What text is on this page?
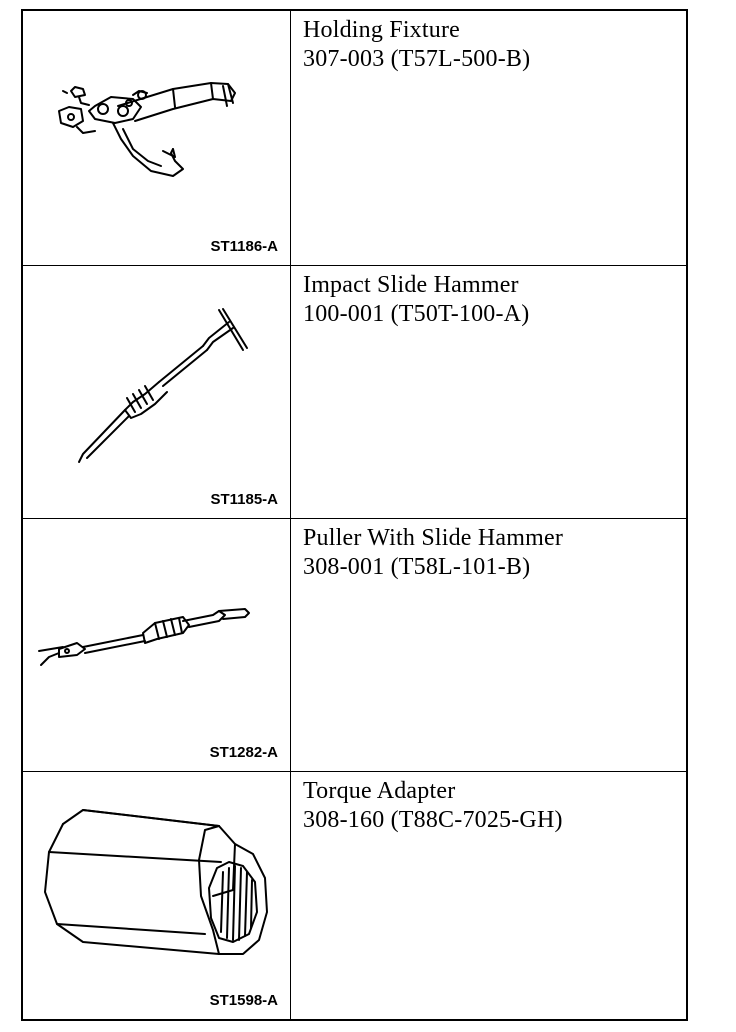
ST1186-A
Holding Fixture
307-003 (T57L-500-B)
ST1185-A
Impact Slide Hammer
100-001 (T50T-100-A)
ST1282-A
Puller With Slide Hammer
308-001 (T58L-101-B)
ST1598-A
Torque Adapter
308-160 (T88C-7025-GH)
